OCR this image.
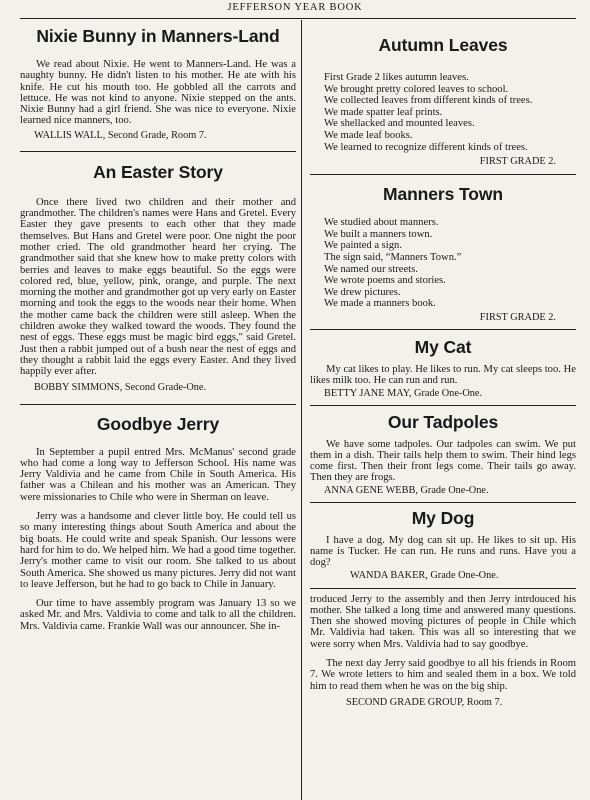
JEFFERSON YEAR BOOK
Nixie Bunny in Manners-Land

We read about Nixie. He went to Manners-Land. He was a naughty bunny. He didn't listen to his mother. He ate with his knife. He cut his mouth too. He gobbled all the carrots and lettuce. He was not kind to anyone. Nixie stepped on the ants. Nixie Bunny had a girl friend. She was nice to everyone. Nixie learned nice manners, too.

WALLIS WALL, Second Grade, Room 7.
An Easter Story

Once there lived two children and their mother and grandmother. The children's names were Hans and Gretel. Every Easter they gave presents to each other that they made themselves. But Hans and Gretel were poor. One night the poor mother cried. The old grandmother heard her crying. The grandmother said that she knew how to make pretty colors with berries and leaves to make eggs beautiful. So the eggs were colored red, blue, yellow, pink, orange, and purple. The next morning the mother and grandmother got up very early on Easter morning and took the eggs to the woods near their home. When the mother came back the children were still asleep. When the children awoke they walked toward the woods. They found the nest of eggs. These eggs must be magic bird eggs," said Gretel. Just then a rabbit jumped out of a bush near the nest of eggs and they thought a rabbit laid the eggs every Easter. And they lived happily ever after.

BOBBY SIMMONS, Second Grade-One.
Goodbye Jerry

In September a pupil entred Mrs. McManus' second grade who had come a long way to Jefferson School. His name was Jerry Valdivia and he came from Chile in South America. His father was a Chilean and his mother was an American. They were missionaries to Chile who were in Sherman on leave.

Jerry was a handsome and clever little boy. He could tell us so many interesting things about South America and about the big boats. He could write and speak Spanish. Our lessons were hard for him to do. We helped him. We had a good time together. Jerry's mother came to visit our room. She talked to us about South America. She showed us many pictures. Jerry did not want to leave Jefferson, but he had to go back to Chile in January.

Our time to have assembly program was January 13 so we asked Mr. and Mrs. Valdivia to come and talk to all the children. Mrs. Valdivia came. Frankie Wall was our announcer. She in-

Autumn Leaves
First Grade 2 likes autumn leaves.
We brought pretty colored leaves to school.
We collected leaves from different kinds of trees.
We made spatter leaf prints.
We shellacked and mounted leaves.
We made leaf books.
We learned to recognize different kinds of trees.
FIRST GRADE 2.
Manners Town
We studied about manners.
We built a manners town.
We painted a sign.
The sign said, “Manners Town.”
We named our streets.
We wrote poems and stories.
We drew pictures.
We made a manners book.
FIRST GRADE 2.
My Cat

My cat likes to play. He likes to run. My cat sleeps too. He likes milk too. He can run and run.

BETTY JANE MAY, Grade One-One.
Our Tadpoles

We have some tadpoles. Our tadpoles can swim. We put them in a dish. Their tails help them to swim. Their hind legs come first. Then their front legs come. Their tails go away. Then they are frogs.

ANNA GENE WEBB, Grade One-One.
My Dog

I have a dog. My dog can sit up. He likes to sit up. His name is Tucker. He can run. He runs and runs. Have you a dog?

WANDA BAKER, Grade One-One.

troduced Jerry to the assembly and then Jerry intrdouced his mother. She talked a long time and answered many questions. Then she showed moving pictures of people in Chile which Mr. Valdivia had taken. This was all so interesting that we were sorry when Mrs. Valdivia had to say goodbye.

The next day Jerry said goodbye to all his friends in Room 7. We wrote letters to him and sealed them in a box. We told him to read them when he was on the big ship.

SECOND GRADE GROUP, Room 7.
